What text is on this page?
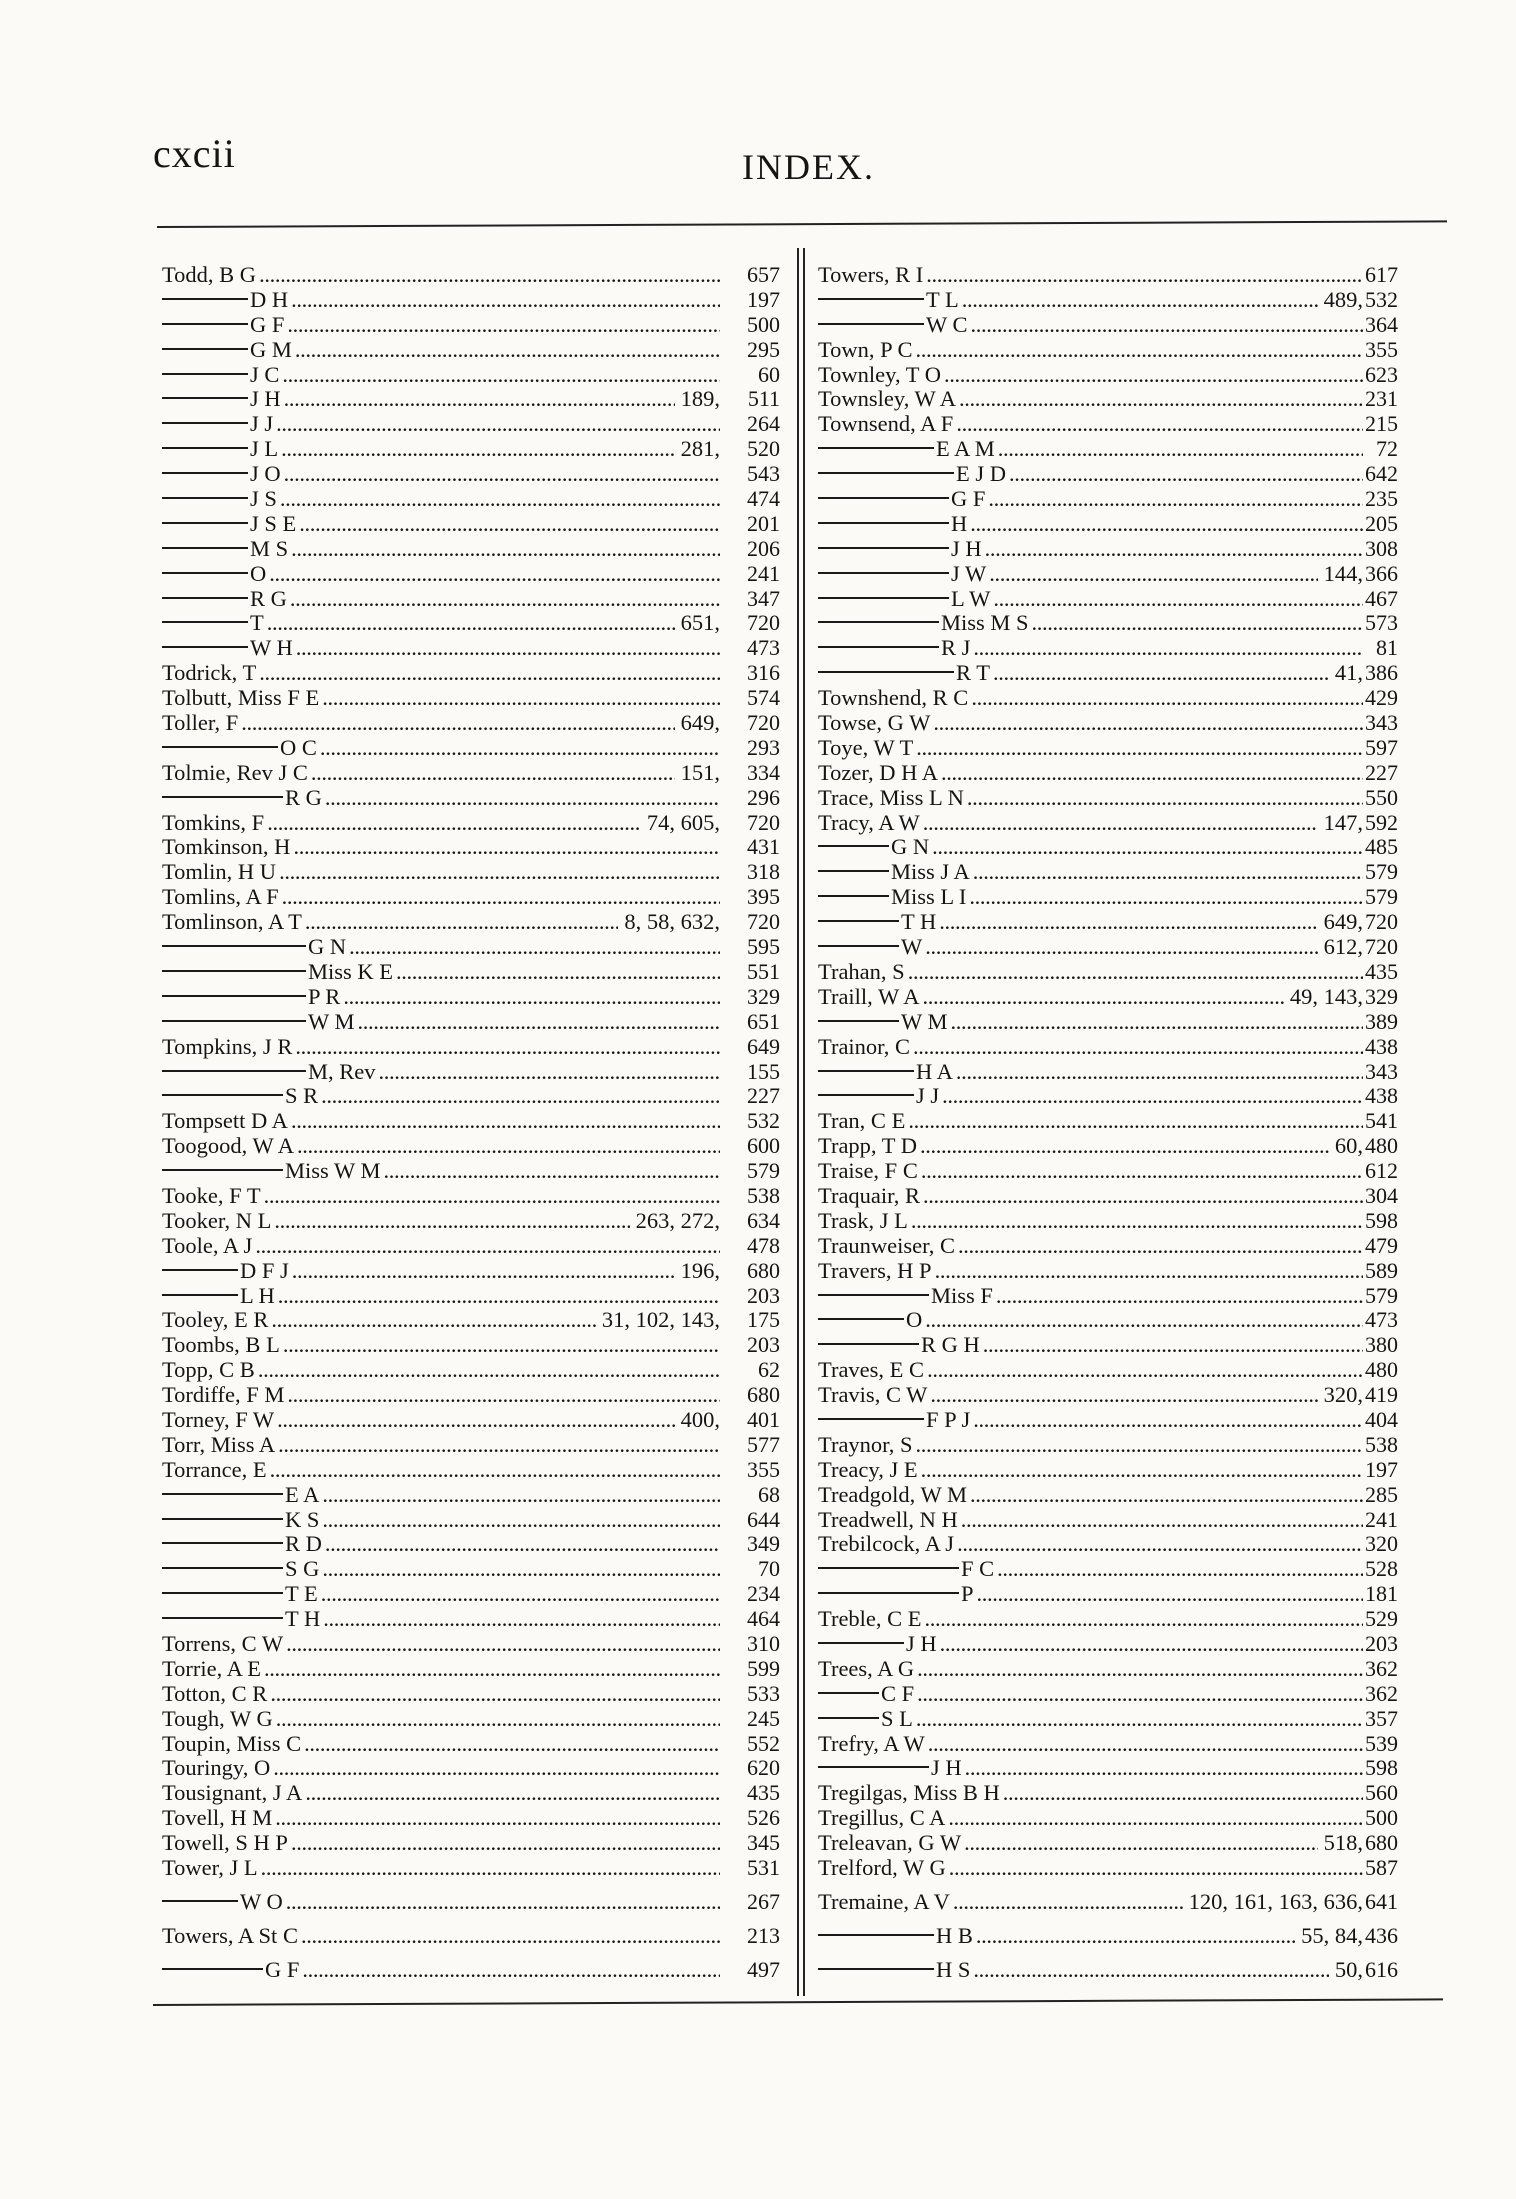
cxcii	INDEX.
Todd, B G . . .	657
D H . . .	197
G F . . .	500
G M . . .	295
J C . . .	60
J H . . .	189, 511
J J . . .	264
J L . . .	281, 520
J O . . .	543
J S . . .	474
J S E . . .	201
M S . . .	206
O . . .	241
R G . . .	347
T . . .	651, 720
W H . . .	473
Todrick, T . . .	316
Tolbutt, Miss F E . . .	574
Toller, F . . .	649, 720
O C . . .	293
Tolmie, Rev J C . . .	151, 334
R G . . .	296
Tomkins, F . . .	74, 605, 720
Tomkinson, H . . .	431
Tomlin, H U . . .	318
Tomlins, A F . . .	395
Tomlinson, A T . . .	8, 58, 632, 720
G N . . .	595
Miss K E . . .	551
P R . . .	329
W M . . .	651
Tompkins, J R . . .	649
M, Rev . . .	155
S R . . .	227
Tompsett D A . . .	532
Toogood, W A . . .	600
Miss W M . . .	579
Tooke, F T . . .	538
Tooker, N L . . .	263, 272, 634
Toole, A J . . .	478
D F J . . .	196, 680
L H . . .	203
Tooley, E R . . .	31, 102, 143, 175
Toombs, B L . . .	203
Topp, C B . . .	62
Tordiffe, F M . . .	680
Torney, F W . . .	400, 401
Torr, Miss A . . .	577
Torrance, E . . .	355
E A . . .	68
K S . . .	644
R D . . .	349
S G . . .	70
T E . . .	234
T H . . .	464
Torrens, C W . . .	310
Torrie, A E . . .	599
Totton, C R . . .	533
Tough, W G . . .	245
Toupin, Miss C . . .	552
Touringy, O . . .	620
Tousignant, J A . . .	435
Tovell, H M . . .	526
Towell, S H P . . .	345
Tower, J L . . .	531
W O . . .	267
Towers, A St C . . .	213
G F . . .	497
Towers, R I . . .	617
T L . . .	489, 532
W C . . .	364
Town, P C . . .	355
Townley, T O . . .	623
Townsley, W A . . .	231
Townsend, A F . . .	215
E A M . . .	72
E J D . . .	642
G F . . .	235
H . . .	205
J H . . .	308
J W . . .	144, 366
L W . . .	467
Miss M S . . .	573
R J . . .	81
R T . . .	41, 386
Townshend, R C . . .	429
Towse, G W . . .	343
Toye, W T . . .	597
Tozer, D H A . . .	227
Trace, Miss L N . . .	550
Tracy, A W . . .	147, 592
G N . . .	485
Miss J A . . .	579
Miss L I . . .	579
T H . . .	649, 720
W . . .	612, 720
Trahan, S . . .	435
Traill, W A . . .	49, 143, 329
W M . . .	389
Trainor, C . . .	438
H A . . .	343
J J . . .	438
Tran, C E . . .	541
Trapp, T D . . .	60, 480
Traise, F C . . .	612
Traquair, R . . .	304
Trask, J L . . .	598
Traunweiser, C . . .	479
Travers, H P . . .	589
Miss F . . .	579
O . . .	473
R G H . . .	380
Traves, E C . . .	480
Travis, C W . . .	320, 419
F P J . . .	404
Traynor, S . . .	538
Treacy, J E . . .	197
Treadgold, W M . . .	285
Treadwell, N H . . .	241
Trebilcock, A J . . .	320
F C . . .	528
P . . .	181
Treble, C E . . .	529
J H . . .	203
Trees, A G . . .	362
C F . . .	362
S L . . .	357
Trefry, A W . . .	539
J H . . .	598
Tregilgas, Miss B H . . .	560
Tregillus, C A . . .	500
Treleavan, G W . . .	518, 680
Trelford, W G . . .	587
Tremaine, A V . . .	120, 161, 163, 636, 641
H B . . .	55, 84, 436
H S . . .	50, 616
